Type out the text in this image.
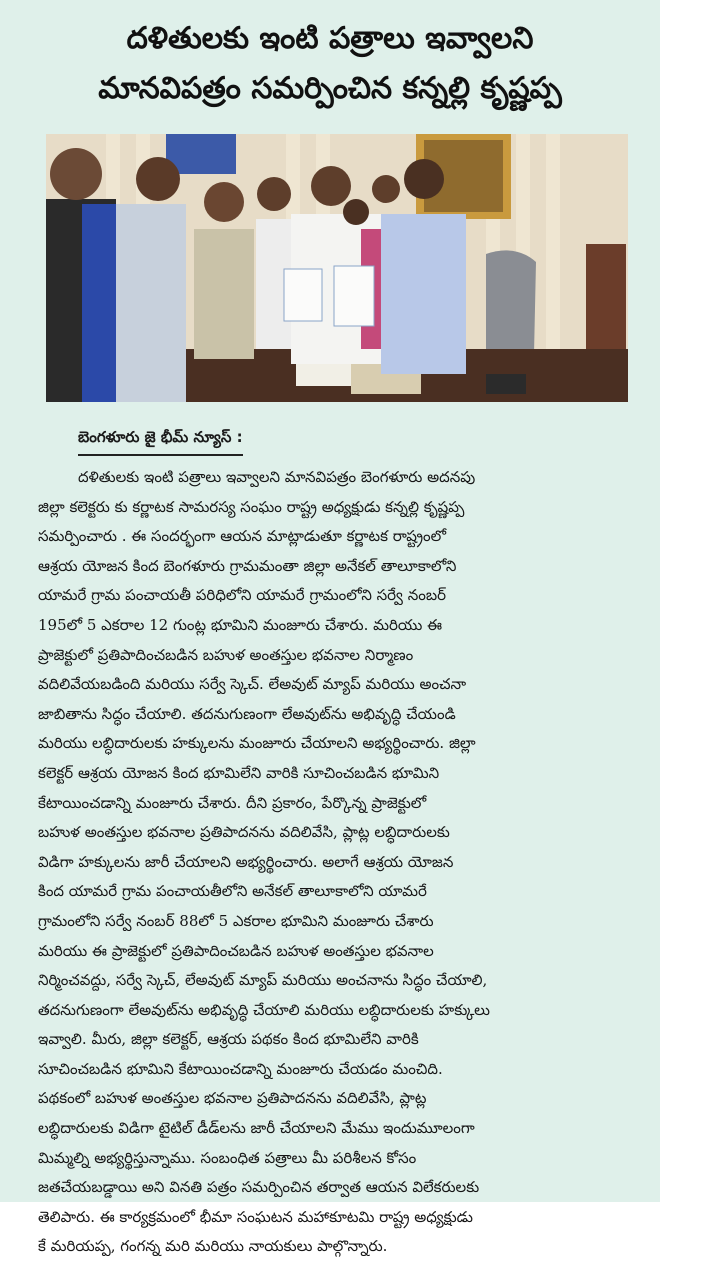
దళితులకు ఇంటి పత్రాలు ఇవ్వాలని
మానవిపత్రం సమర్పించిన కన్నల్లి కృష్ణప్ప
బెంగళూరు జై భీమ్ న్యూస్ :
దళితులకు ఇంటి పత్రాలు ఇవ్వాలని మానవిపత్రం బెంగళూరు అదనపు
జిల్లా కలెక్టరు కు కర్ణాటక సామరస్య సంఘం రాష్ట్ర అధ్యక్షుడు కన్నల్లి కృష్ణప్ప
సమర్పించారు . ఈ సందర్భంగా ఆయన మాట్లాడుతూ కర్ణాటక రాష్ట్రంలో
ఆశ్రయ యోజన కింద బెంగళూరు గ్రామమంతా జిల్లా అనేకల్ తాలూకాలోని
యామరే గ్రామ పంచాయతీ పరిధిలోని యామరే గ్రామంలోని సర్వే నంబర్
195లో 5 ఎకరాల 12 గుంట్ల భూమిని మంజూరు చేశారు. మరియు ఈ
ప్రాజెక్టులో ప్రతిపాదించబడిన బహుళ అంతస్తుల భవనాల నిర్మాణం
వదిలివేయబడింది మరియు సర్వే స్కెచ్. లేఅవుట్ మ్యాప్ మరియు అంచనా
జాబితాను సిద్ధం చేయాలి. తదనుగుణంగా లేఅవుట్‌ను అభివృద్ధి చేయండి
మరియు లబ్ధిదారులకు హక్కులను మంజూరు చేయాలని అభ్యర్థించారు. జిల్లా
కలెక్టర్ ఆశ్రయ యోజన కింద భూమిలేని వారికి సూచించబడిన భూమిని
కేటాయించడాన్ని మంజూరు చేశారు. దీని ప్రకారం, పేర్కొన్న ప్రాజెక్టులో
బహుళ అంతస్తుల భవనాల ప్రతిపాదనను వదిలివేసి, ప్లాట్ల లబ్ధిదారులకు
విడిగా హక్కులను జారీ చేయాలని అభ్యర్థించారు. అలాగే ఆశ్రయ యోజన
కింద యామరే గ్రామ పంచాయతీలోని అనేకల్ తాలూకాలోని యామరే
గ్రామంలోని సర్వే నంబర్ 88లో 5 ఎకరాల భూమిని మంజూరు చేశారు
మరియు ఈ ప్రాజెక్టులో ప్రతిపాదించబడిన బహుళ అంతస్తుల భవనాల
నిర్మించవద్దు, సర్వే స్కెచ్, లేఅవుట్ మ్యాప్ మరియు అంచనాను సిద్ధం చేయాలి,
తదనుగుణంగా లేఅవుట్‌ను అభివృద్ధి చేయాలి మరియు లబ్ధిదారులకు హక్కులు
ఇవ్వాలి. మీరు, జిల్లా కలెక్టర్, ఆశ్రయ పథకం కింద భూమిలేని వారికి
సూచించబడిన భూమిని కేటాయించడాన్ని మంజూరు చేయడం మంచిది.
పథకంలో బహుళ అంతస్తుల భవనాల ప్రతిపాదనను వదిలివేసి, ప్లాట్ల
లబ్ధిదారులకు విడిగా టైటిల్ డీడ్‌లను జారీ చేయాలని మేము ఇందుమూలంగా
మిమ్మల్ని అభ్యర్థిస్తున్నాము. సంబంధిత పత్రాలు మీ పరిశీలన కోసం
జతచేయబడ్డాయి అని వినతి పత్రం సమర్పించిన తర్వాత ఆయన విలేకరులకు
తెలిపారు. ఈ కార్యక్రమంలో భీమా సంఘటన మహాకూటమి రాష్ట్ర అధ్యక్షుడు
కే మరియప్ప, గంగన్న మరి మరియు నాయకులు పాల్గొన్నారు.
